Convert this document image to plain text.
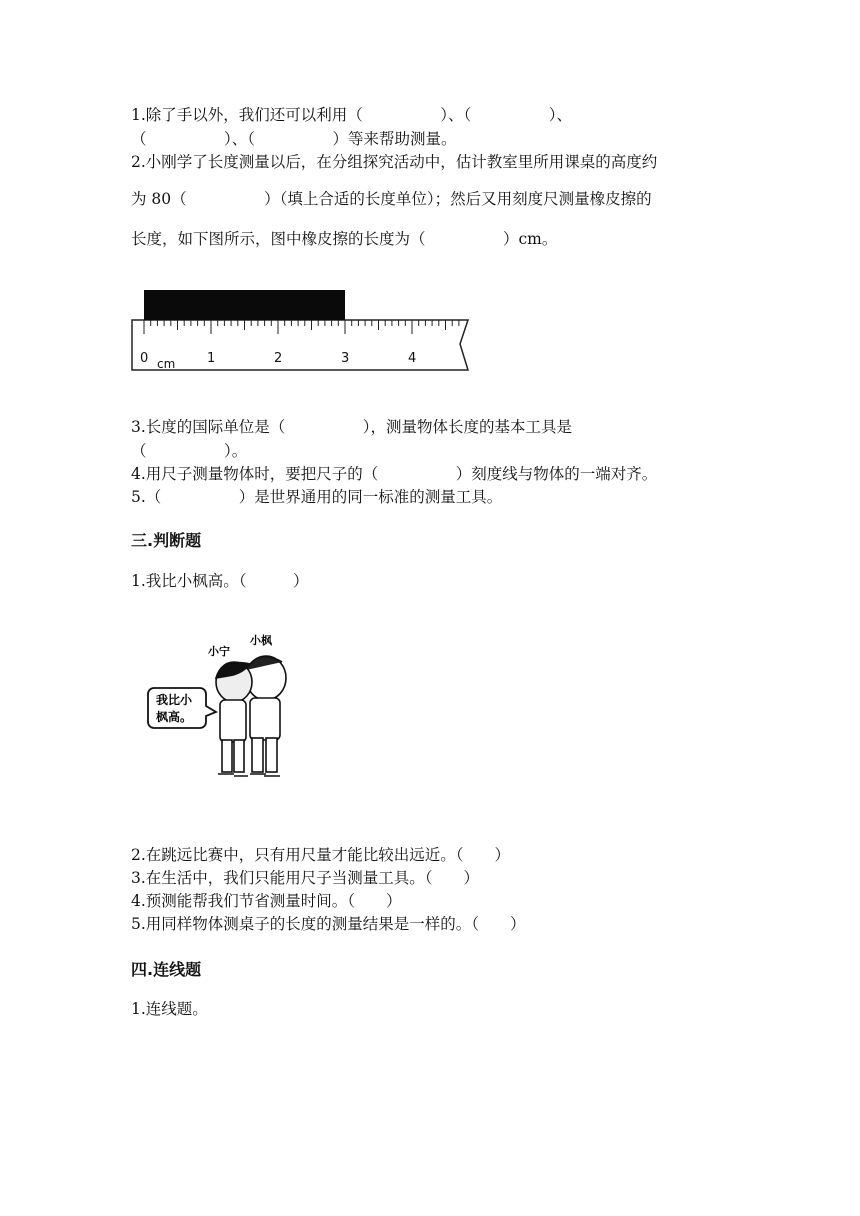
1.除了手以外，我们还可以利用（　　　　　）、（　　　　　）、
（　　　　　）、（　　　　　）等来帮助测量。
2.小刚学了长度测量以后，在分组探究活动中，估计教室里所用课桌的高度约
为 80（　　　　　）（填上合适的长度单位）；然后又用刻度尺测量橡皮擦的
长度，如下图所示，图中橡皮擦的长度为（　　　　　）cm。
0	1	2	3	4
cm
3.长度的国际单位是（　　　　　），测量物体长度的基本工具是
（　　　　　）。
4.用尺子测量物体时，要把尺子的（　　　　　）刻度线与物体的一端对齐。
5.（　　　　　）是世界通用的同一标准的测量工具。
三.判断题
1.我比小枫高。（　　　）
小宁
小枫
我比小
枫高。
2.在跳远比赛中，只有用尺量才能比较出远近。（　　）
3.在生活中，我们只能用尺子当测量工具。（　　）
4.预测能帮我们节省测量时间。（　　）
5.用同样物体测桌子的长度的测量结果是一样的。（　　）
四.连线题
1.连线题。
